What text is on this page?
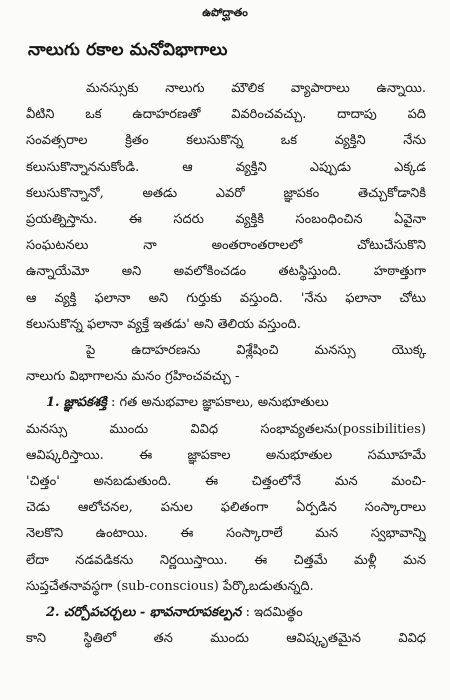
ఉపోద్ఘాతం
నాలుగు రకాల మనోవిభాగాలు
మనస్సుకు నాలుగు మౌలిక వ్యాపారాలు ఉన్నాయి.
వీటిని ఒక ఉదాహరణతో వివరించవచ్చు. దాదాపు పది
సంవత్సరాల క్రితం కలుసుకొన్న ఒక వ్యక్తిని నేను
కలుసుకొన్నాననుకోండి. ఆ వ్యక్తిని ఎప్పుడు ఎక్కడ
కలుసుకొన్నానో, అతడు ఎవరో జ్ఞాపకం తెచ్చుకోడానికి
ప్రయత్నిస్తాను. ఈ సదరు వ్యక్తికి సంబంధించిన ఏవైనా
సంఘటనలు నా అంతరాంతరాలలో చోటుచేసుకొని
ఉన్నాయేమో అని అవలోకించడం తటస్థిస్తుంది. హఠాత్తుగా
ఆ వ్యక్తి ఫలానా అని గుర్తుకు వస్తుంది. 'నేను ఫలానా చోటు
కలుసుకొన్న ఫలానా వ్యక్తే ఇతడు' అని తెలియ వస్తుంది.
పై ఉదాహరణను విశ్లేషించి మనస్సు యొక్క
నాలుగు విభాగాలను మనం గ్రహించవచ్చు -
1. జ్ఞాపకశక్తి : గత అనుభవాల జ్ఞాపకాలు, అనుభూతులు
మనస్సు ముందు వివిధ సంభావ్యతలను(possibilities)
ఆవిష్కరిస్తాయి. ఈ జ్ఞాపకాల అనుభూతుల సమూహమే
'చిత్తం' అనబడుతుంది. ఈ చిత్తంలోనే మన మంచి-
చెడు ఆలోచనల, పనుల ఫలితంగా ఏర్పడిన సంస్కారాలు
నెలకొని ఉంటాయి. ఈ సంస్కారాలే మన స్వభావాన్ని
లేదా నడవడికను నిర్ణయిస్తాయి. ఈ చిత్తమే మళ్లీ మన
సుప్తచేతనావస్థగా (sub-conscious) పేర్కొబడుతున్నది.
2. చర్చోపచర్చలు - భావనారూపకల్పన : ఇదమిత్థం
కాని స్థితిలో తన ముందు ఆవిష్కృతమైన వివిధ
